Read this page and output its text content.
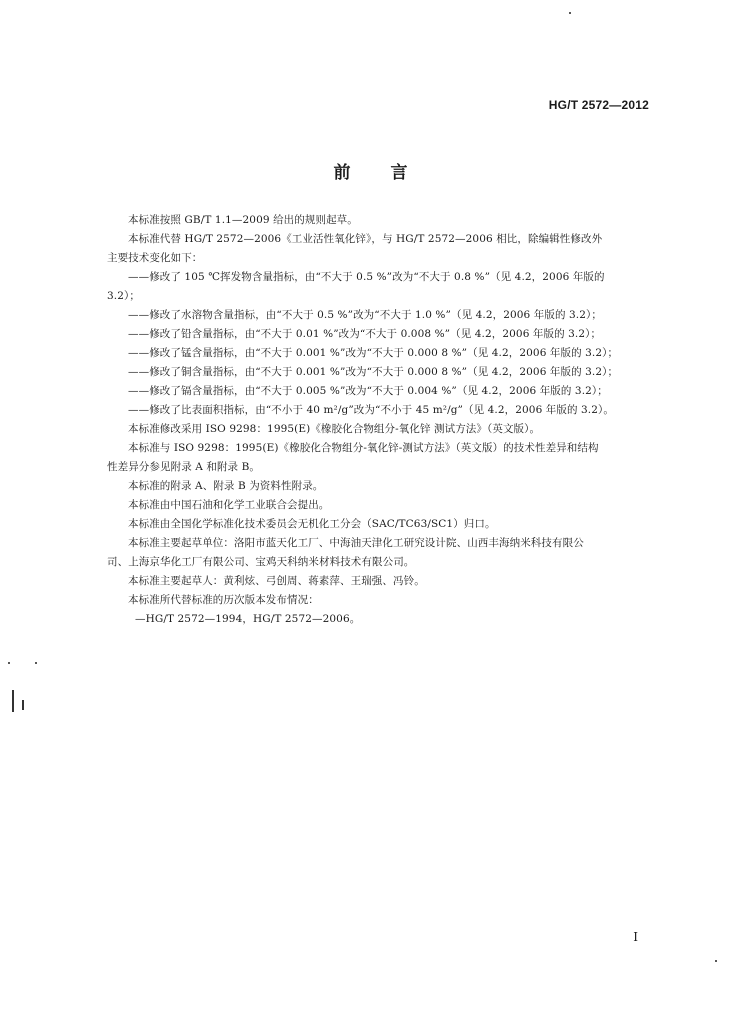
HG/T 2572—2012
前 言

本标准按照 GB/T 1.1—2009 给出的规则起草。

本标准代替 HG/T 2572—2006《工业活性氧化锌》，与 HG/T 2572—2006 相比，除编辑性修改外

主要技术变化如下：

——修改了 105 ℃挥发物含量指标，由“不大于 0.5 %”改为“不大于 0.8 %”（见 4.2，2006 年版的

3.2）；

——修改了水溶物含量指标，由“不大于 0.5 %”改为“不大于 1.0 %”（见 4.2，2006 年版的 3.2）；

——修改了铅含量指标，由“不大于 0.01 %”改为“不大于 0.008 %”（见 4.2，2006 年版的 3.2）；

——修改了锰含量指标，由“不大于 0.001 %”改为“不大于 0.000 8 %”（见 4.2，2006 年版的 3.2）；

——修改了铜含量指标，由“不大于 0.001 %”改为“不大于 0.000 8 %”（见 4.2，2006 年版的 3.2）；

——修改了镉含量指标，由“不大于 0.005 %”改为“不大于 0.004 %”（见 4.2，2006 年版的 3.2）；

——修改了比表面积指标，由“不小于 40 m²/g”改为“不小于 45 m²/g”（见 4.2，2006 年版的 3.2）。

本标准修改采用 ISO 9298：1995(E)《橡胶化合物组分-氧化锌 测试方法》（英文版）。

本标准与 ISO 9298：1995(E)《橡胶化合物组分-氧化锌-测试方法》（英文版）的技术性差异和结构

性差异分参见附录 A 和附录 B。

本标准的附录 A、附录 B 为资料性附录。

本标准由中国石油和化学工业联合会提出。

本标准由全国化学标准化技术委员会无机化工分会（SAC/TC63/SC1）归口。

本标准主要起草单位：洛阳市蓝天化工厂、中海油天津化工研究设计院、山西丰海纳米科技有限公

司、上海京华化工厂有限公司、宝鸡天科纳米材料技术有限公司。

本标准主要起草人：黄利炫、弓创周、蒋素萍、王瑞强、冯铃。

本标准所代替标准的历次版本发布情况：

—HG/T 2572—1994，HG/T 2572—2006。

I
